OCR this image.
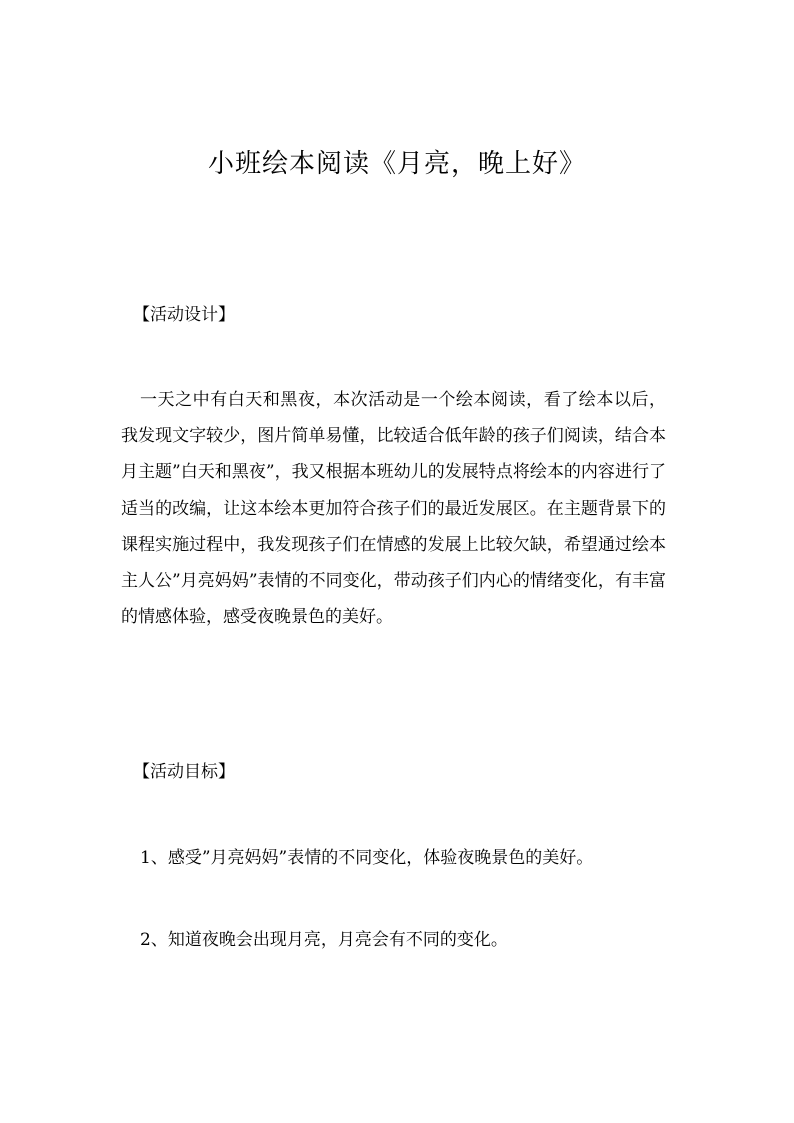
小班绘本阅读《月亮，晚上好》
【活动设计】

一天之中有白天和黑夜，本次活动是一个绘本阅读，看了绘本以后，我发现文字较少，图片简单易懂，比较适合低年龄的孩子们阅读，结合本月主题”白天和黑夜”，我又根据本班幼儿的发展特点将绘本的内容进行了适当的改编，让这本绘本更加符合孩子们的最近发展区。在主题背景下的课程实施过程中，我发现孩子们在情感的发展上比较欠缺，希望通过绘本主人公”月亮妈妈”表情的不同变化，带动孩子们内心的情绪变化，有丰富的情感体验，感受夜晚景色的美好。

【活动目标】

1、感受”月亮妈妈”表情的不同变化，体验夜晚景色的美好。

2、知道夜晚会出现月亮，月亮会有不同的变化。
